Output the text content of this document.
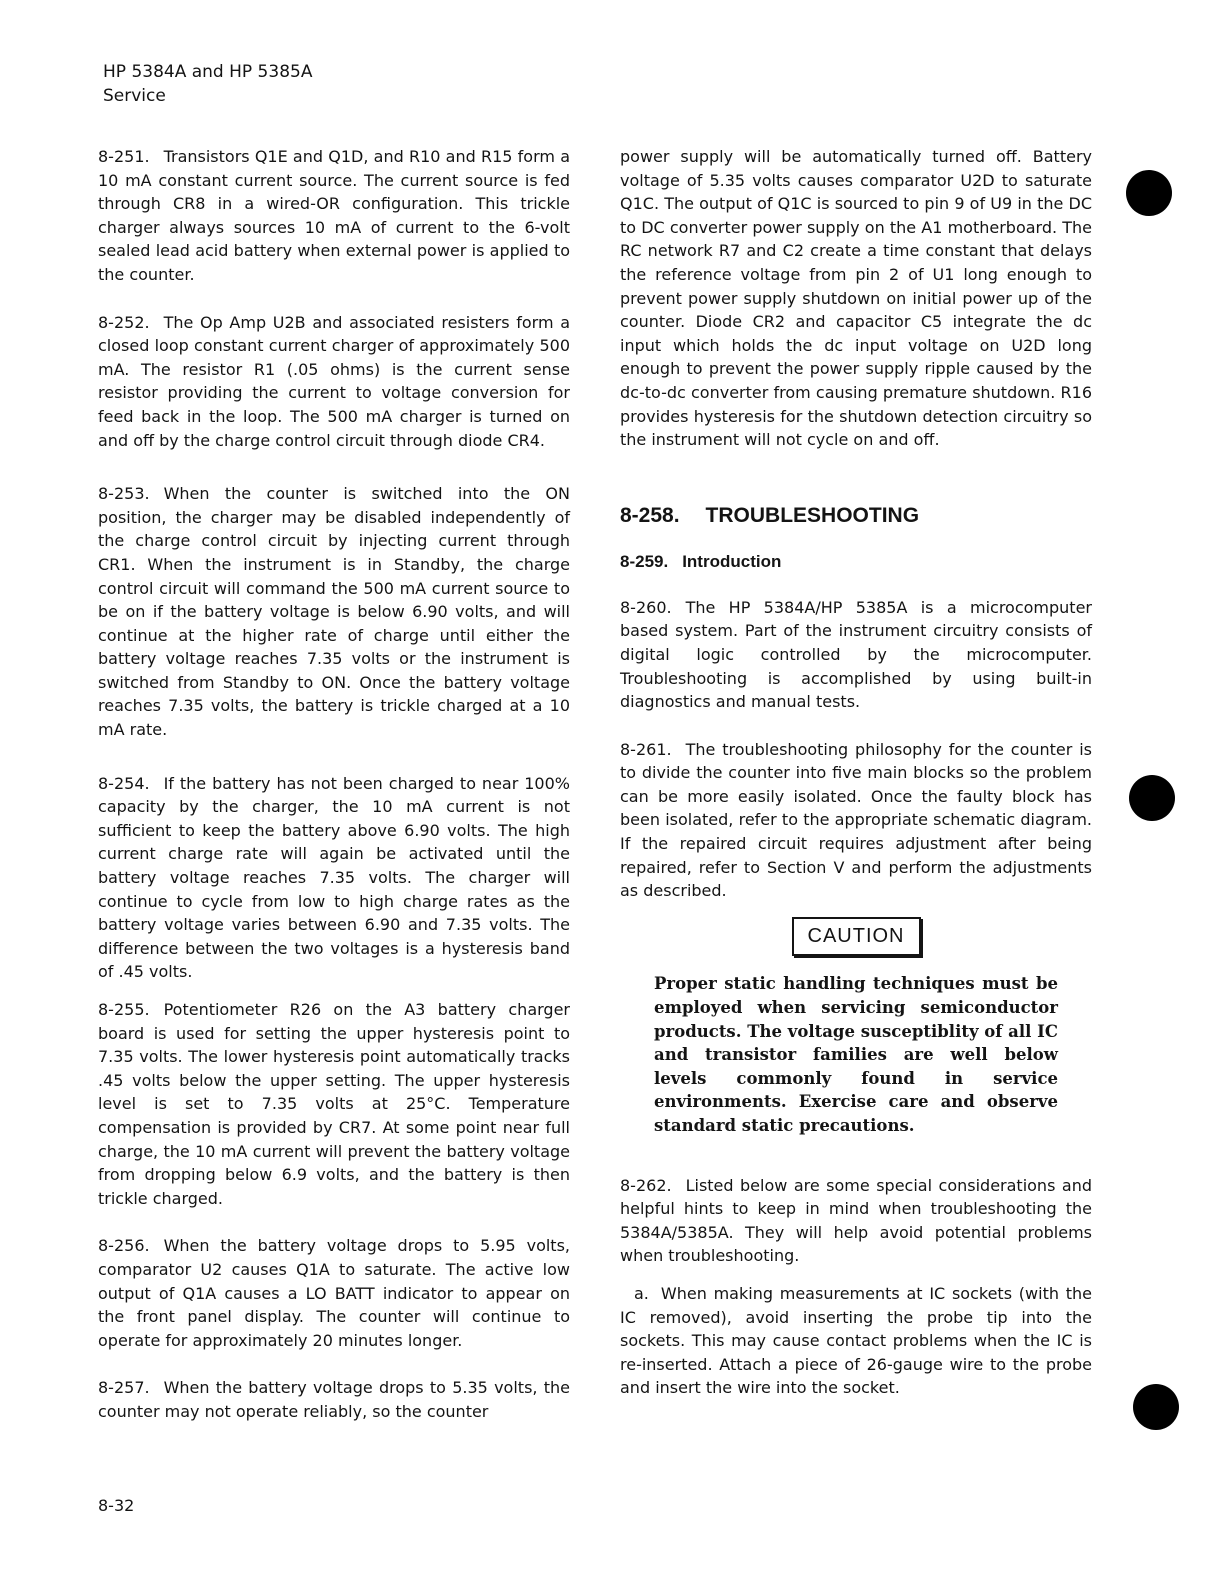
HP 5384A and HP 5385A
Service

8-251. Transistors Q1E and Q1D, and R10 and R15 form a 10 mA constant current source. The current source is fed through CR8 in a wired-OR configuration. This trickle charger always sources 10 mA of current to the 6-volt sealed lead acid battery when external power is applied to the counter.

8-252. The Op Amp U2B and associated resisters form a closed loop constant current charger of approximately 500 mA. The resistor R1 (.05 ohms) is the current sense resistor providing the current to voltage conversion for feed back in the loop. The 500 mA charger is turned on and off by the charge control circuit through diode CR4.

8-253. When the counter is switched into the ON position, the charger may be disabled independently of the charge control circuit by injecting current through CR1. When the instrument is in Standby, the charge control circuit will command the 500 mA current source to be on if the battery voltage is below 6.90 volts, and will continue at the higher rate of charge until either the battery voltage reaches 7.35 volts or the instrument is switched from Standby to ON. Once the battery voltage reaches 7.35 volts, the battery is trickle charged at a 10 mA rate.

8-254. If the battery has not been charged to near 100% capacity by the charger, the 10 mA current is not sufficient to keep the battery above 6.90 volts. The high current charge rate will again be activated until the battery voltage reaches 7.35 volts. The charger will continue to cycle from low to high charge rates as the battery voltage varies between 6.90 and 7.35 volts. The difference between the two voltages is a hysteresis band of .45 volts.

8-255. Potentiometer R26 on the A3 battery charger board is used for setting the upper hysteresis point to 7.35 volts. The lower hysteresis point automatically tracks .45 volts below the upper setting. The upper hysteresis level is set to 7.35 volts at 25°C. Temperature compensation is provided by CR7. At some point near full charge, the 10 mA current will prevent the battery voltage from dropping below 6.9 volts, and the battery is then trickle charged.

8-256. When the battery voltage drops to 5.95 volts, comparator U2 causes Q1A to saturate. The active low output of Q1A causes a LO BATT indicator to appear on the front panel display. The counter will continue to operate for approximately 20 minutes longer.

8-257. When the battery voltage drops to 5.35 volts, the counter may not operate reliably, so the counter

power supply will be automatically turned off. Battery voltage of 5.35 volts causes comparator U2D to saturate Q1C. The output of Q1C is sourced to pin 9 of U9 in the DC to DC converter power supply on the A1 motherboard. The RC network R7 and C2 create a time constant that delays the reference voltage from pin 2 of U1 long enough to prevent power supply shutdown on initial power up of the counter. Diode CR2 and capacitor C5 integrate the dc input which holds the dc input voltage on U2D long enough to prevent the power supply ripple caused by the dc-to-dc converter from causing premature shutdown. R16 provides hysteresis for the shutdown detection circuitry so the instrument will not cycle on and off.

8-258. TROUBLESHOOTING
8-259. Introduction

8-260. The HP 5384A/HP 5385A is a microcomputer based system. Part of the instrument circuitry consists of digital logic controlled by the microcomputer. Troubleshooting is accomplished by using built-in diagnostics and manual tests.

8-261. The troubleshooting philosophy for the counter is to divide the counter into five main blocks so the problem can be more easily isolated. Once the faulty block has been isolated, refer to the appropriate schematic diagram. If the repaired circuit requires adjustment after being repaired, refer to Section V and perform the adjustments as described.

CAUTION

Proper static handling techniques must be employed when servicing semiconductor products. The voltage susceptiblity of all IC and transistor families are well below levels commonly found in service environments. Exercise care and observe standard static precautions.

8-262. Listed below are some special considerations and helpful hints to keep in mind when troubleshooting the 5384A/5385A. They will help avoid potential problems when troubleshooting.

a. When making measurements at IC sockets (with the IC removed), avoid inserting the probe tip into the sockets. This may cause contact problems when the IC is re-inserted. Attach a piece of 26-gauge wire to the probe and insert the wire into the socket.

8-32
